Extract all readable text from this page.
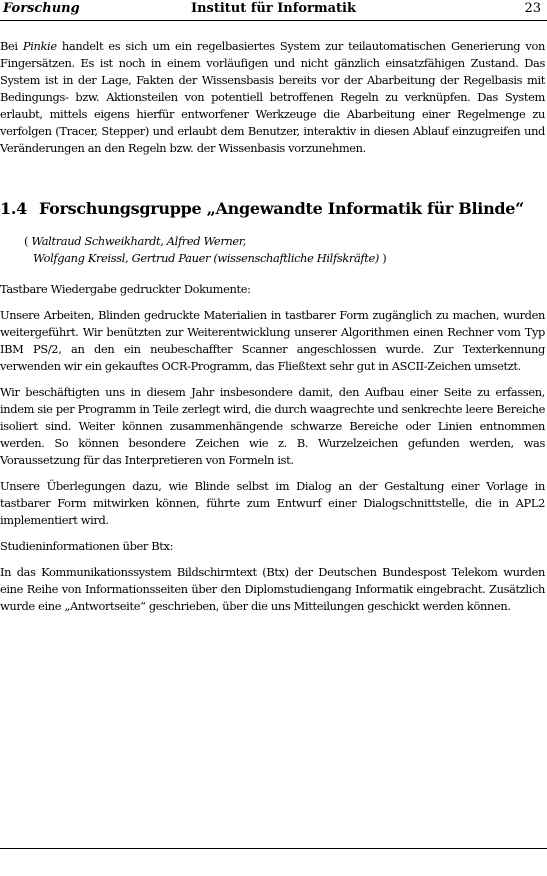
Forschung	Institut für Informatik	23

Bei Pinkie handelt es sich um ein regelbasiertes System zur teilautomatischen Generierung von Fingersätzen. Es ist noch in einem vorläufigen und nicht gänzlich einsatzfähigen Zustand. Das System ist in der Lage, Fakten der Wissensbasis bereits vor der Abarbeitung der Regelbasis mit Bedingungs- bzw. Aktionsteilen von potentiell betroffenen Regeln zu verknüpfen. Das System erlaubt, mittels eigens hierfür entworfener Werkzeuge die Abarbeitung einer Regelmenge zu verfolgen (Tracer, Stepper) und erlaubt dem Benutzer, interaktiv in diesen Ablauf einzugreifen und Veränderungen an den Regeln bzw. der Wissenbasis vorzunehmen.

1.4 Forschungsgruppe „Angewandte Informatik für Blinde“
( Waltraud Schweikhardt, Alfred Werner,
Wolfgang Kreissl, Gertrud Pauer (wissenschaftliche Hilfskräfte) )

Tastbare Wiedergabe gedruckter Dokumente:

Unsere Arbeiten, Blinden gedruckte Materialien in tastbarer Form zugänglich zu machen, wurden weitergeführt. Wir benützten zur Weiterentwicklung unserer Algorithmen einen Rechner vom Typ IBM PS/2, an den ein neubeschaffter Scanner angeschlossen wurde. Zur Texterkennung verwenden wir ein gekauftes OCR-Programm, das Fließtext sehr gut in ASCII-Zeichen umsetzt.

Wir beschäftigten uns in diesem Jahr insbesondere damit, den Aufbau einer Seite zu erfassen, indem sie per Programm in Teile zerlegt wird, die durch waagrechte und senkrechte leere Bereiche isoliert sind. Weiter können zusammenhängende schwarze Bereiche oder Linien entnommen werden. So können besondere Zeichen wie z. B. Wurzelzeichen gefunden werden, was Voraussetzung für das Interpretieren von Formeln ist.

Unsere Überlegungen dazu, wie Blinde selbst im Dialog an der Gestaltung einer Vorlage in tastbarer Form mitwirken können, führte zum Entwurf einer Dialogschnittstelle, die in APL2 implementiert wird.

Studieninformationen über Btx:

In das Kommunikationssystem Bildschirmtext (Btx) der Deutschen Bundespost Telekom wurden eine Reihe von Informationsseiten über den Diplomstudiengang Informatik eingebracht. Zusätzlich wurde eine „Antwortseite“ geschrieben, über die uns Mitteilungen geschickt werden können.
